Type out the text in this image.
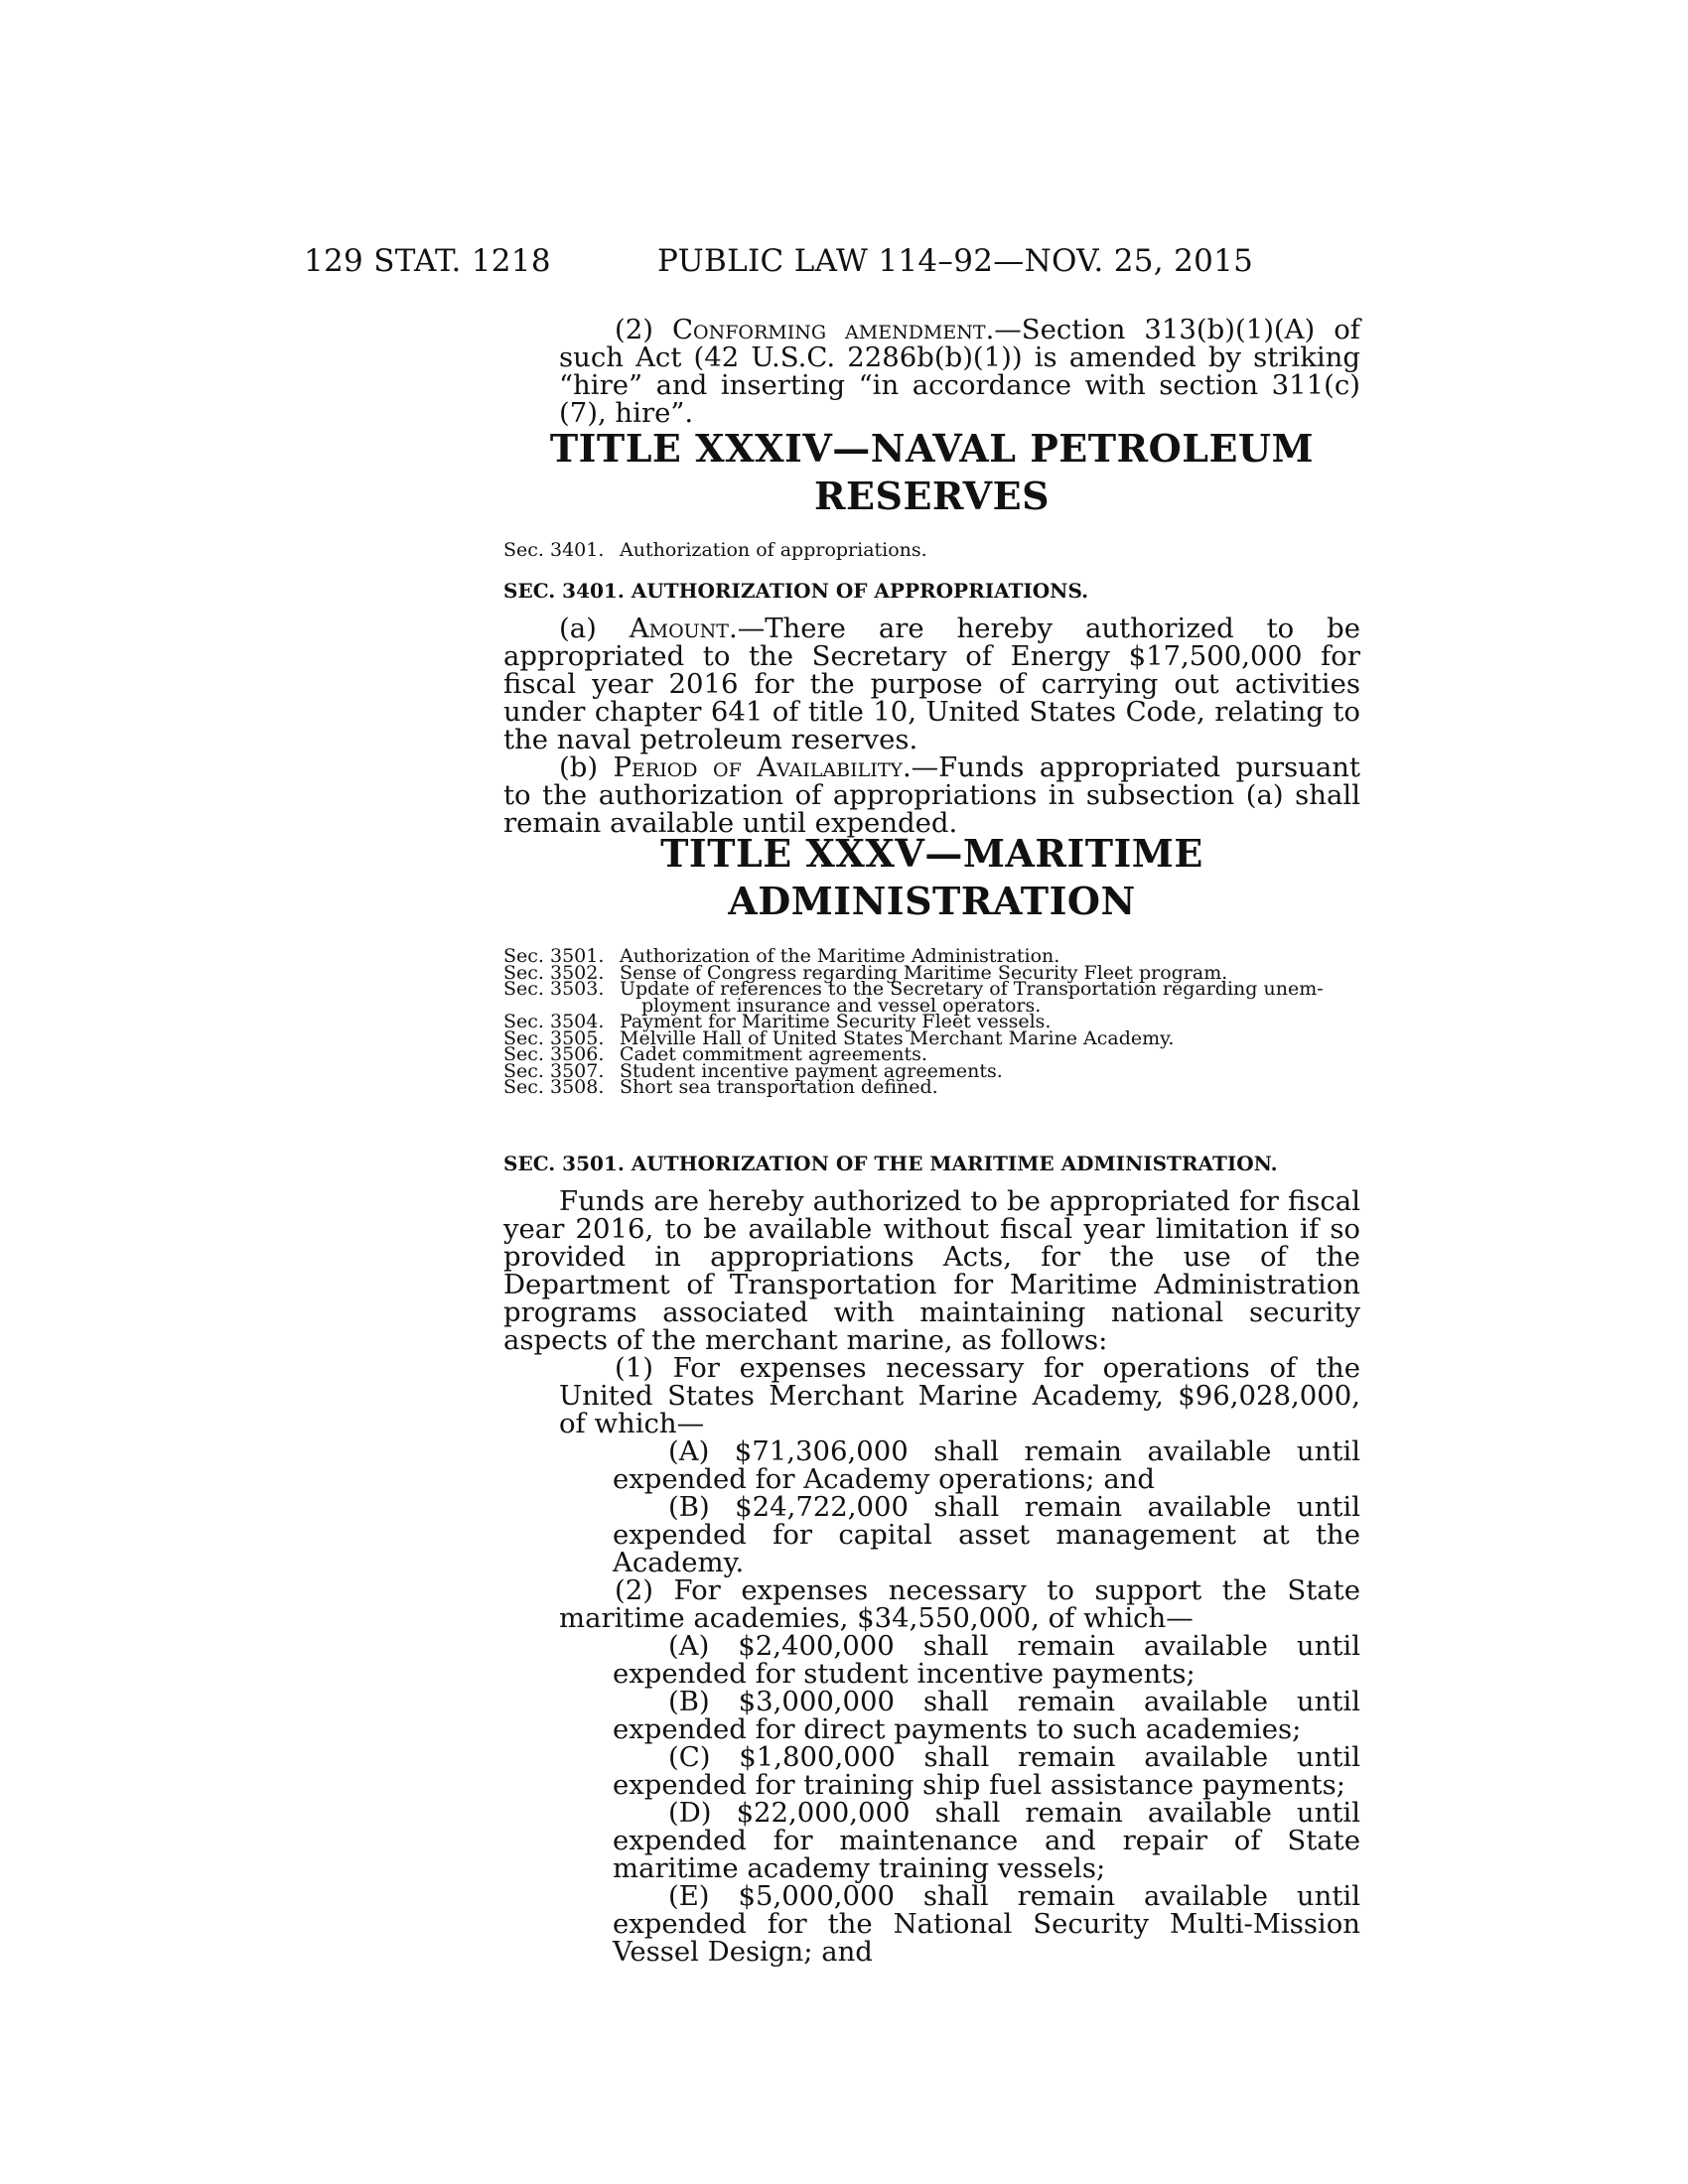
129 STAT. 1218	PUBLIC LAW 114–92—NOV. 25, 2015

(2) Conforming amendment.—Section 313(b)(1)(A) of such Act (42 U.S.C. 2286b(b)(1)) is amended by striking “hire” and inserting “in accordance with section 311(c)(7), hire”.

TITLE XXXIV—NAVAL PETROLEUM

RESERVES

Sec. 3401. Authorization of appropriations.

SEC. 3401. AUTHORIZATION OF APPROPRIATIONS.

(a) Amount.—There are hereby authorized to be appropriated to the Secretary of Energy $17,500,000 for fiscal year 2016 for the purpose of carrying out activities under chapter 641 of title 10, United States Code, relating to the naval petroleum reserves.

(b) Period of Availability.—Funds appropriated pursuant to the authorization of appropriations in subsection (a) shall remain available until expended.

TITLE XXXV—MARITIME

ADMINISTRATION

Sec. 3501. Authorization of the Maritime Administration.
Sec. 3502. Sense of Congress regarding Maritime Security Fleet program.
Sec. 3503. Update of references to the Secretary of Transportation regarding unem-
ployment insurance and vessel operators.
Sec. 3504. Payment for Maritime Security Fleet vessels.
Sec. 3505. Melville Hall of United States Merchant Marine Academy.
Sec. 3506. Cadet commitment agreements.
Sec. 3507. Student incentive payment agreements.
Sec. 3508. Short sea transportation defined.

SEC. 3501. AUTHORIZATION OF THE MARITIME ADMINISTRATION.

Funds are hereby authorized to be appropriated for fiscal year 2016, to be available without fiscal year limitation if so provided in appropriations Acts, for the use of the Department of Transportation for Maritime Administration programs associated with maintaining national security aspects of the merchant marine, as follows:

(1) For expenses necessary for operations of the United States Merchant Marine Academy, $96,028,000, of which—

(A) $71,306,000 shall remain available until expended for Academy operations; and

(B) $24,722,000 shall remain available until expended for capital asset management at the Academy.

(2) For expenses necessary to support the State maritime academies, $34,550,000, of which—

(A) $2,400,000 shall remain available until expended for student incentive payments;

(B) $3,000,000 shall remain available until expended for direct payments to such academies;

(C) $1,800,000 shall remain available until expended for training ship fuel assistance payments;

(D) $22,000,000 shall remain available until expended for maintenance and repair of State maritime academy training vessels;

(E) $5,000,000 shall remain available until expended for the National Security Multi-Mission Vessel Design; and
